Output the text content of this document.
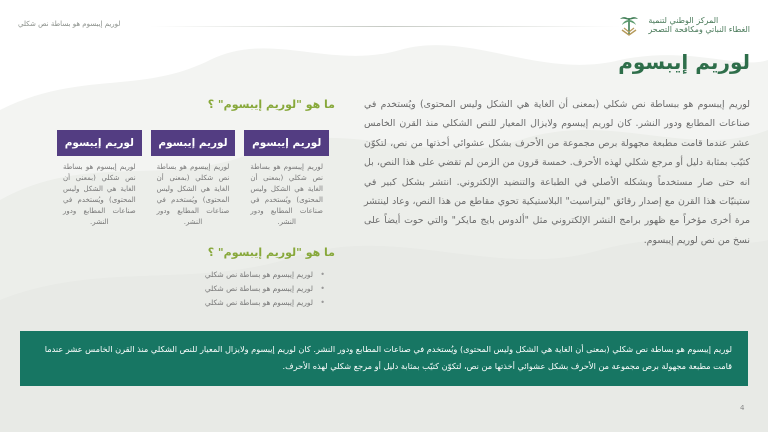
المركز الوطني لتنمية
الغطاء النباتي ومكافحة التصحر
لوريم إيبسوم هو بساطة نص شكلي
لوريم إيبسوم

لوريم إيبسوم هو ببساطة نص شكلي (بمعنى أن الغاية هي الشكل وليس المحتوى) ويُستخدم في صناعات المطابع ودور النشر. كان لوريم إيبسوم ولايزال المعيار للنص الشكلي منذ القرن الخامس عشر عندما قامت مطبعة مجهولة برص مجموعة من الأحرف بشكل عشوائي أخذتها من نص، لتكوّن كتيّب بمثابة دليل أو مرجع شكلي لهذه الأحرف. خمسة قرون من الزمن لم تقضي على هذا النص، بل انه حتى صار مستخدماً وبشكله الأصلي في الطباعة والتنضيد الإلكتروني. انتشر بشكل كبير في ستينيّات هذا القرن مع إصدار رقائق "ليتراسيت" البلاستيكية تحوي مقاطع من هذا النص، وعاد لينتشر مرة أخرى مؤخراً مع ظهور برامج النشر الإلكتروني مثل "ألدوس بايج مايكر" والتي حوت أيضاً على نسخ من نص لوريم إيبسوم.

ما هو "لوريم إيبسوم" ؟
لوريم إيبسوم
لوريم إيبسوم هو بساطة نص شكلي (بمعنى أن الغاية هي الشكل وليس المحتوى) ويُستخدم في صناعات المطابع ودور النشر.
لوريم إيبسوم
لوريم إيبسوم هو بساطة نص شكلي (بمعنى أن الغاية هي الشكل وليس المحتوى) ويُستخدم في صناعات المطابع ودور النشر.
لوريم إيبسوم
لوريم إيبسوم هو بساطة نص شكلي (بمعنى أن الغاية هي الشكل وليس المحتوى) ويُستخدم في صناعات المطابع ودور النشر.
ما هو "لوريم إيبسوم" ؟
• لوريم إيبسوم هو بساطة نص شكلي
• لوريم إيبسوم هو بساطة نص شكلي
• لوريم إيبسوم هو بساطة نص شكلي
لوريم إيبسوم هو بساطة نص شكلي (بمعنى أن الغاية هي الشكل وليس المحتوى) ويُستخدم في صناعات المطابع ودور النشر. كان لوريم إيبسوم ولايزال المعيار للنص الشكلي منذ القرن الخامس عشر عندما قامت مطبعة مجهولة برص مجموعة من الأحرف بشكل عشوائي أخذتها من نص، لتكوّن كتيّب بمثابة دليل أو مرجع شكلي لهذه الأحرف.
4
